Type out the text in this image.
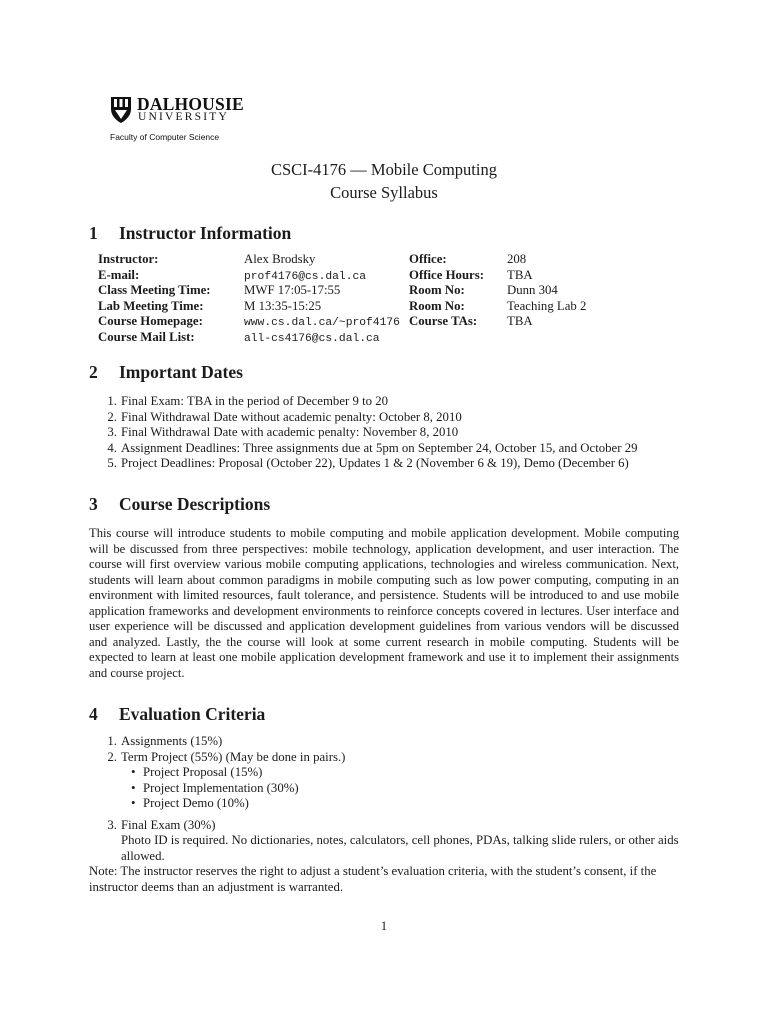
DALHOUSIE
UNIVERSITY
Faculty of Computer Science
CSCI-4176 — Mobile Computing
Course Syllabus
1 Instructor Information
Instructor:
E-mail:
Class Meeting Time:
Lab Meeting Time:
Course Homepage:
Course Mail List:
Alex Brodsky
prof4176@cs.dal.ca
MWF 17:05-17:55
M 13:35-15:25
www.cs.dal.ca/~prof4176
all-cs4176@cs.dal.ca
Office:
Office Hours:
Room No:
Room No:
Course TAs:
208
TBA
Dunn 304
Teaching Lab 2
TBA
2 Important Dates
1. Final Exam: TBA in the period of December 9 to 20
2. Final Withdrawal Date without academic penalty: October 8, 2010
3. Final Withdrawal Date with academic penalty: November 8, 2010
4. Assignment Deadlines: Three assignments due at 5pm on September 24, October 15, and October 29
5. Project Deadlines: Proposal (October 22), Updates 1 & 2 (November 6 & 19), Demo (December 6)
3 Course Descriptions

This course will introduce students to mobile computing and mobile application development. Mobile computing will be discussed from three perspectives: mobile technology, application development, and user interaction. The course will first overview various mobile computing applications, technologies and wireless communication. Next, students will learn about common paradigms in mobile computing such as low power computing, computing in an environment with limited resources, fault tolerance, and persistence. Students will be introduced to and use mobile application frameworks and development environments to reinforce concepts covered in lectures. User interface and user experience will be discussed and application development guidelines from various vendors will be discussed and analyzed. Lastly, the the course will look at some current research in mobile computing. Students will be expected to learn at least one mobile application development framework and use it to implement their assignments and course project.

4 Evaluation Criteria
1. Assignments (15%)
2. Term Project (55%) (May be done in pairs.)
• Project Proposal (15%)
• Project Implementation (30%)
• Project Demo (10%)
3. Final Exam (30%)
Photo ID is required. No dictionaries, notes, calculators, cell phones, PDAs, talking slide rulers, or other aids allowed.
Note: The instructor reserves the right to adjust a student’s evaluation criteria, with the student’s consent, if the instructor deems than an adjustment is warranted.
1
